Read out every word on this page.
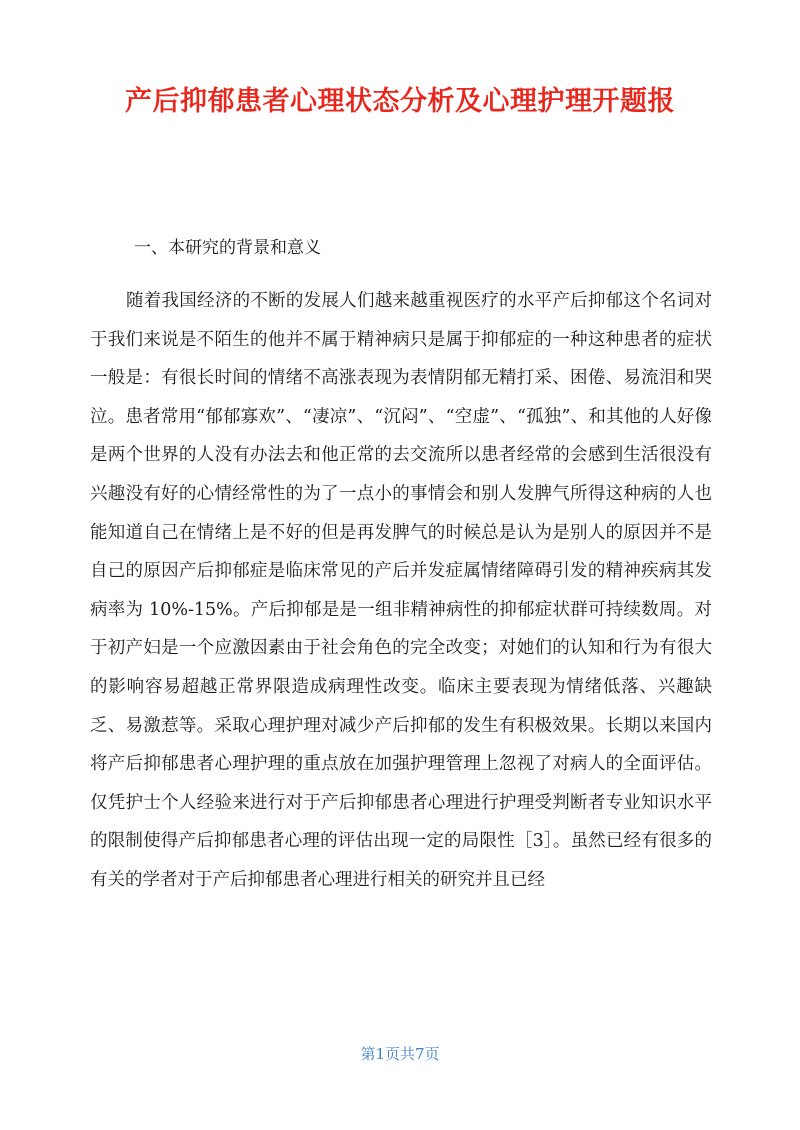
产后抑郁患者心理状态分析及心理护理开题报

一、本研究的背景和意义

随着我国经济的不断的发展人们越来越重视医疗的水平产后抑郁这个名词对于我们来说是不陌生的他并不属于精神病只是属于抑郁症的一种这种患者的症状一般是：有很长时间的情绪不高涨表现为表情阴郁无精打采、困倦、易流泪和哭泣。患者常用“郁郁寡欢”、“凄凉”、“沉闷”、“空虚”、“孤独”、和其他的人好像是两个世界的人没有办法去和他正常的去交流所以患者经常的会感到生活很没有兴趣没有好的心情经常性的为了一点小的事情会和别人发脾气所得这种病的人也能知道自己在情绪上是不好的但是再发脾气的时候总是认为是别人的原因并不是自己的原因产后抑郁症是临床常见的产后并发症属情绪障碍引发的精神疾病其发病率为 10%-15%。产后抑郁是是一组非精神病性的抑郁症状群可持续数周。对于初产妇是一个应激因素由于社会角色的完全改变；对她们的认知和行为有很大的影响容易超越正常界限造成病理性改变。临床主要表现为情绪低落、兴趣缺乏、易激惹等。采取心理护理对减少产后抑郁的发生有积极效果。长期以来国内将产后抑郁患者心理护理的重点放在加强护理管理上忽视了对病人的全面评估。仅凭护士个人经验来进行对于产后抑郁患者心理进行护理受判断者专业知识水平的限制使得产后抑郁患者心理的评估出现一定的局限性［3］。虽然已经有很多的有关的学者对于产后抑郁患者心理进行相关的研究并且已经

第1页共7页
